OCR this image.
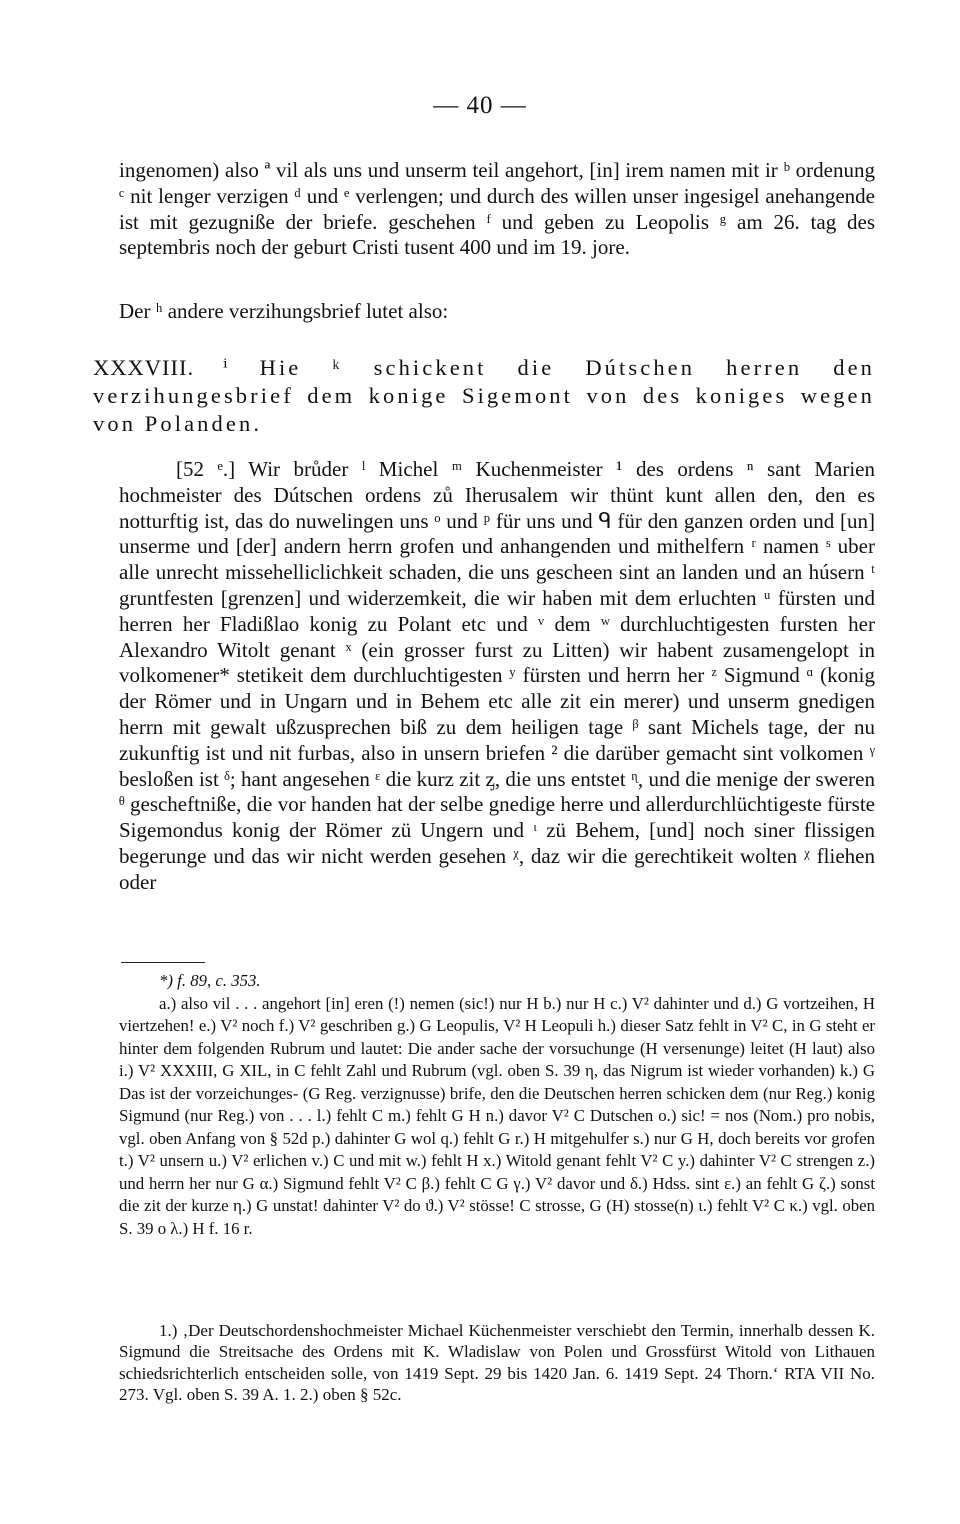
— 40 —

ingenomen) also ª vil als uns und unserm teil angehort, [in] irem namen mit ir ᵇ ordenung ᶜ nit lenger verzigen ᵈ und ᵉ verlengen; und durch des willen unser ingesigel anehangende ist mit gezugniße der briefe. geschehen ᶠ und geben zu Leopolis ᵍ am 26. tag des septembris noch der geburt Cristi tusent 400 und im 19. jore.

Der ʰ andere verzihungsbrief lutet also:

XXXVIII. ⁱ Hie ᵏ schickent die Dútschen herren den verzihungesbrief dem konige Sigemont von des koniges wegen von Polanden.

[52 ᵉ.] Wir brůder ˡ Michel ᵐ Kuchenmeister ¹ des ordens ⁿ sant Marien hochmeister des Dútschen ordens zů Iherusalem wir thünt kunt allen den, den es notturftig ist, das do nuwelingen uns ᵒ und ᵖ für uns und ᑫ für den ganzen orden und [un] unserme und [der] andern herrn grofen und anhangenden und mithelfern ʳ namen ˢ uber alle unrecht missehelliclichkeit schaden, die uns gescheen sint an landen und an húsern ᵗ gruntfesten [grenzen] und widerzemkeit, die wir haben mit dem erluchten ᵘ fürsten und herren her Fladißlao konig zu Polant etc und ᵛ dem ʷ durchluchtigesten fursten her Alexandro Witolt genant ˣ (ein grosser furst zu Litten) wir habent zusamengelopt in volkomener* stetikeit dem durchluchtigesten ʸ fürsten und herrn her ᶻ Sigmund ᵅ (konig der Römer und in Ungarn und in Behem etc alle zit ein merer) und unserm gnedigen herrn mit gewalt ußzusprechen biß zu dem heiligen tage ᵝ sant Michels tage, der nu zukunftig ist und nit furbas, also in unsern briefen ² die darüber gemacht sint volkomen ᵞ besloßen ist ᵟ; hant angesehen ᵋ die kurz zit ᶎ, die uns entstet ᶯ, und die menige der sweren ᶿ gescheftniße, die vor handen hat der selbe gnedige herre und allerdurchlüchtigeste fürste Sigemondus konig der Römer zü Ungern und ᶥ zü Behem, [und] noch siner flissigen begerunge und das wir nicht werden gesehen ᵡ, daz wir die gerechtikeit wolten ᵡ fliehen oder

*) f. 89, c. 353.

a.) also vil . . . angehort [in] eren (!) nemen (sic!) nur H b.) nur H c.) V² dahinter und d.) G vortzeihen, H viertzehen! e.) V² noch f.) V² geschriben g.) G Leopulis, V² H Leopuli h.) dieser Satz fehlt in V² C, in G steht er hinter dem folgenden Rubrum und lautet: Die ander sache der vorsuchunge (H versenunge) leitet (H laut) also i.) V² XXXIII, G XIL, in C fehlt Zahl und Rubrum (vgl. oben S. 39 η, das Nigrum ist wieder vorhanden) k.) G Das ist der vorzeichunges- (G Reg. verzignusse) brife, den die Deutschen herren schicken dem (nur Reg.) konig Sigmund (nur Reg.) von . . . l.) fehlt C m.) fehlt G H n.) davor V² C Dutschen o.) sic! = nos (Nom.) pro nobis, vgl. oben Anfang von § 52d p.) dahinter G wol q.) fehlt G r.) H mitgehulfer s.) nur G H, doch bereits vor grofen t.) V² unsern u.) V² erlichen v.) C und mit w.) fehlt H x.) Witold genant fehlt V² C y.) dahinter V² C strengen z.) und herrn her nur G α.) Sigmund fehlt V² C β.) fehlt C G γ.) V² davor und δ.) Hdss. sint ε.) an fehlt G ζ.) sonst die zit der kurze η.) G unstat! dahinter V² do ϑ.) V² stösse! C strosse, G (H) stosse(n) ι.) fehlt V² C κ.) vgl. oben S. 39 o λ.) H f. 16 r.

1.) ‚Der Deutschordenshochmeister Michael Küchenmeister verschiebt den Termin, innerhalb dessen K. Sigmund die Streitsache des Ordens mit K. Wladislaw von Polen und Grossfürst Witold von Lithauen schiedsrichterlich entscheiden solle, von 1419 Sept. 29 bis 1420 Jan. 6. 1419 Sept. 24 Thorn.‘ RTA VII No. 273. Vgl. oben S. 39 A. 1. 2.) oben § 52c.
